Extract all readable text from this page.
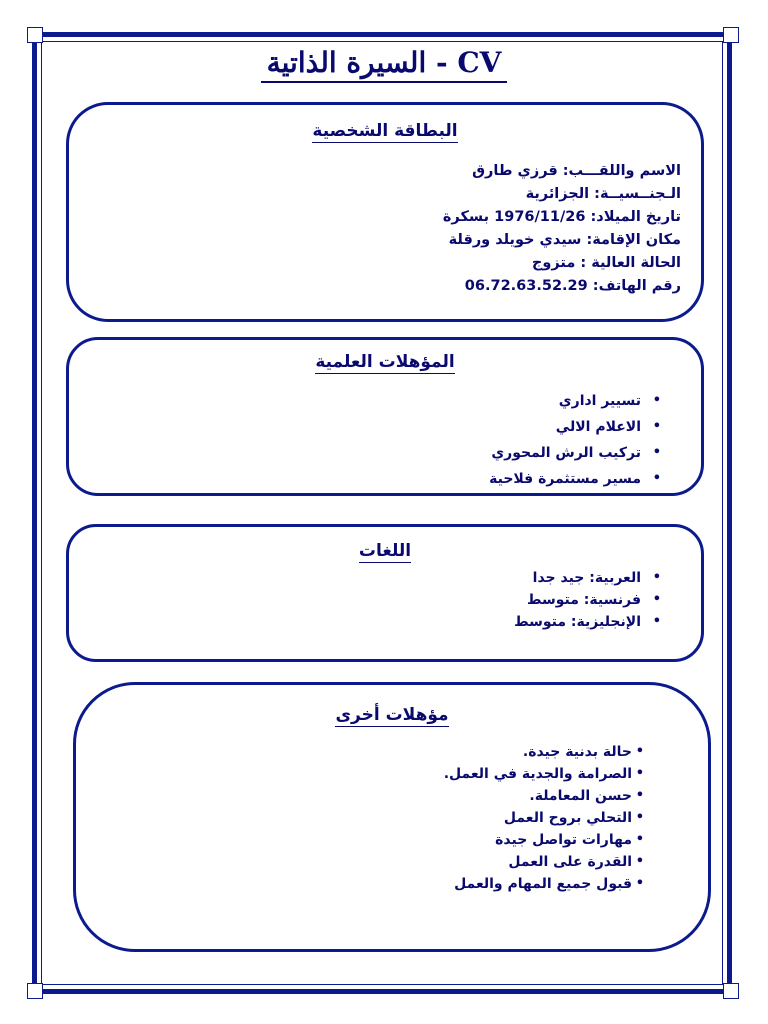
السيرة الذاتية - CV
البطاقة الشخصية
الاسم واللقـــب: قرزي طارق
الـجنــسيــة: الجزائرية
تاريخ الميلاد: 1976/11/26 بسكرة
مكان الإقامة: سيدي خويلد ورقلة
الحالة العالية : متزوج
رقم الهاتف: 06.72.63.52.29
المؤهلات العلمية
• تسيير اداري
• الاعلام الالي
• تركيب الرش المحوري
• مسير مستثمرة فلاحية
اللغات
• العربية: جيد جدا
• فرنسية: متوسط
• الإنجليزية: متوسط
مؤهلات أخرى
• حالة بدنية جيدة.
• الصرامة والجدية في العمل.
• حسن المعاملة.
• التحلي بروح العمل
• مهارات تواصل جيدة
• القدرة على العمل
• قبول جميع المهام والعمل
